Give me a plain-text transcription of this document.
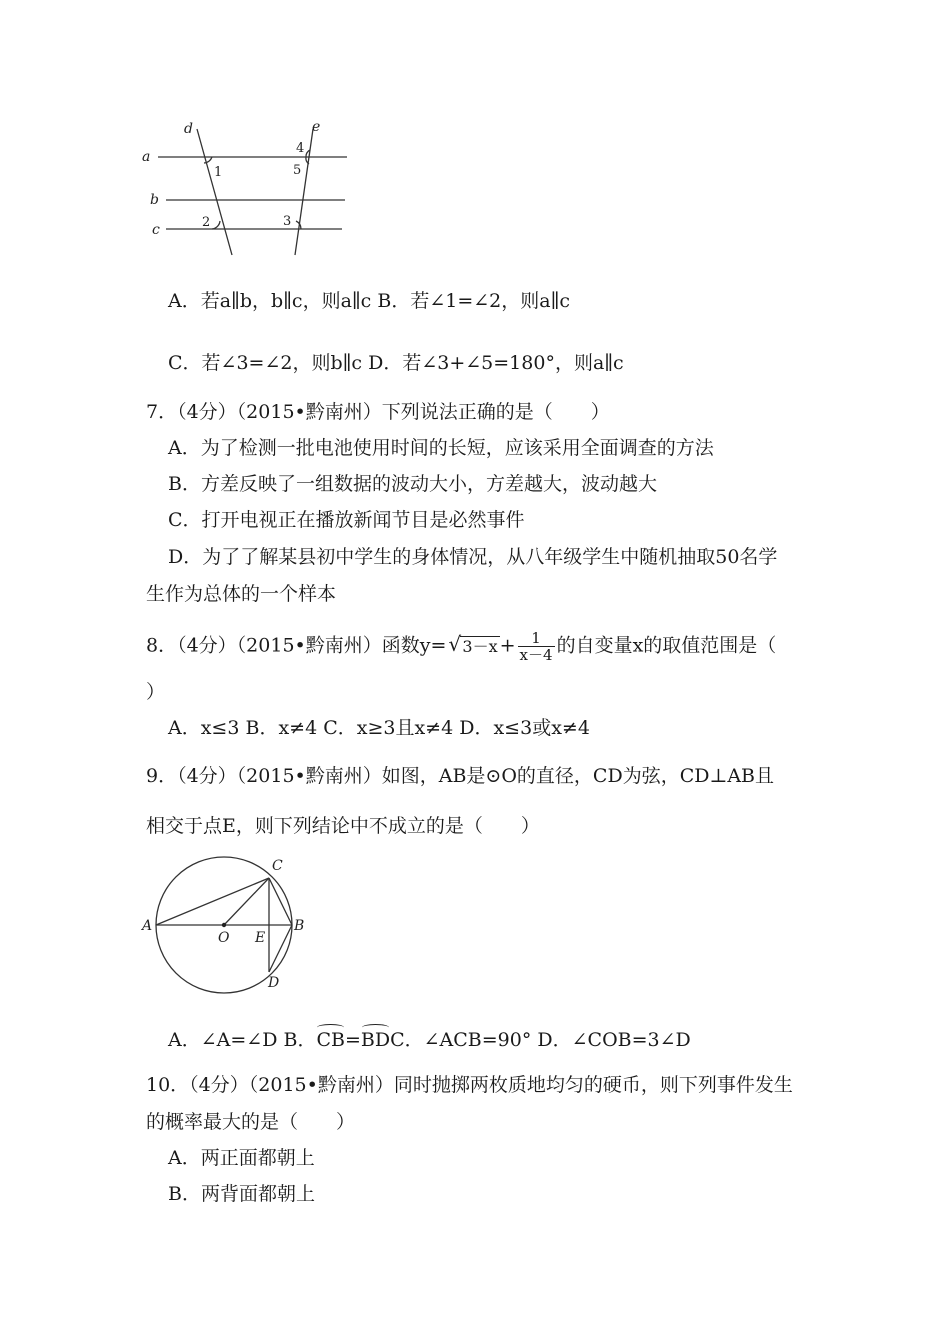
a
b
c
d	e
1
2	3
4
5
A．若a∥b，b∥c，则a∥c B．若∠1=∠2，则a∥c
C．若∠3=∠2，则b∥c D．若∠3+∠5=180°，则a∥c
7．（4分）（2015•黔南州）下列说法正确的是（　　）
A．为了检测一批电池使用时间的长短，应该采用全面调查的方法
B．方差反映了一组数据的波动大小，方差越大，波动越大
C．打开电视正在播放新闻节目是必然事件
D．为了了解某县初中学生的身体情况，从八年级学生中随机抽取50名学
生作为总体的一个样本
8．（4分）（2015•黔南州）函数y= √ $3-x + \frac{1}{x-4}$ 的自变量x的取值范围是（
）
A．x≤3 B．x≠4 C．x≥3且x≠4 D．x≤3或x≠4
9．（4分）（2015•黔南州）如图，AB是⊙O的直径，CD为弦，CD⊥AB且
相交于点E，则下列结论中不成立的是（　　）
A	B
C
D
O E
A．∠A=∠D B．CB=BDC．∠ACB=90° D．∠COB=3∠D
10．（4分）（2015•黔南州）同时抛掷两枚质地均匀的硬币，则下列事件发生
的概率最大的是（　　）
A．两正面都朝上
B．两背面都朝上
